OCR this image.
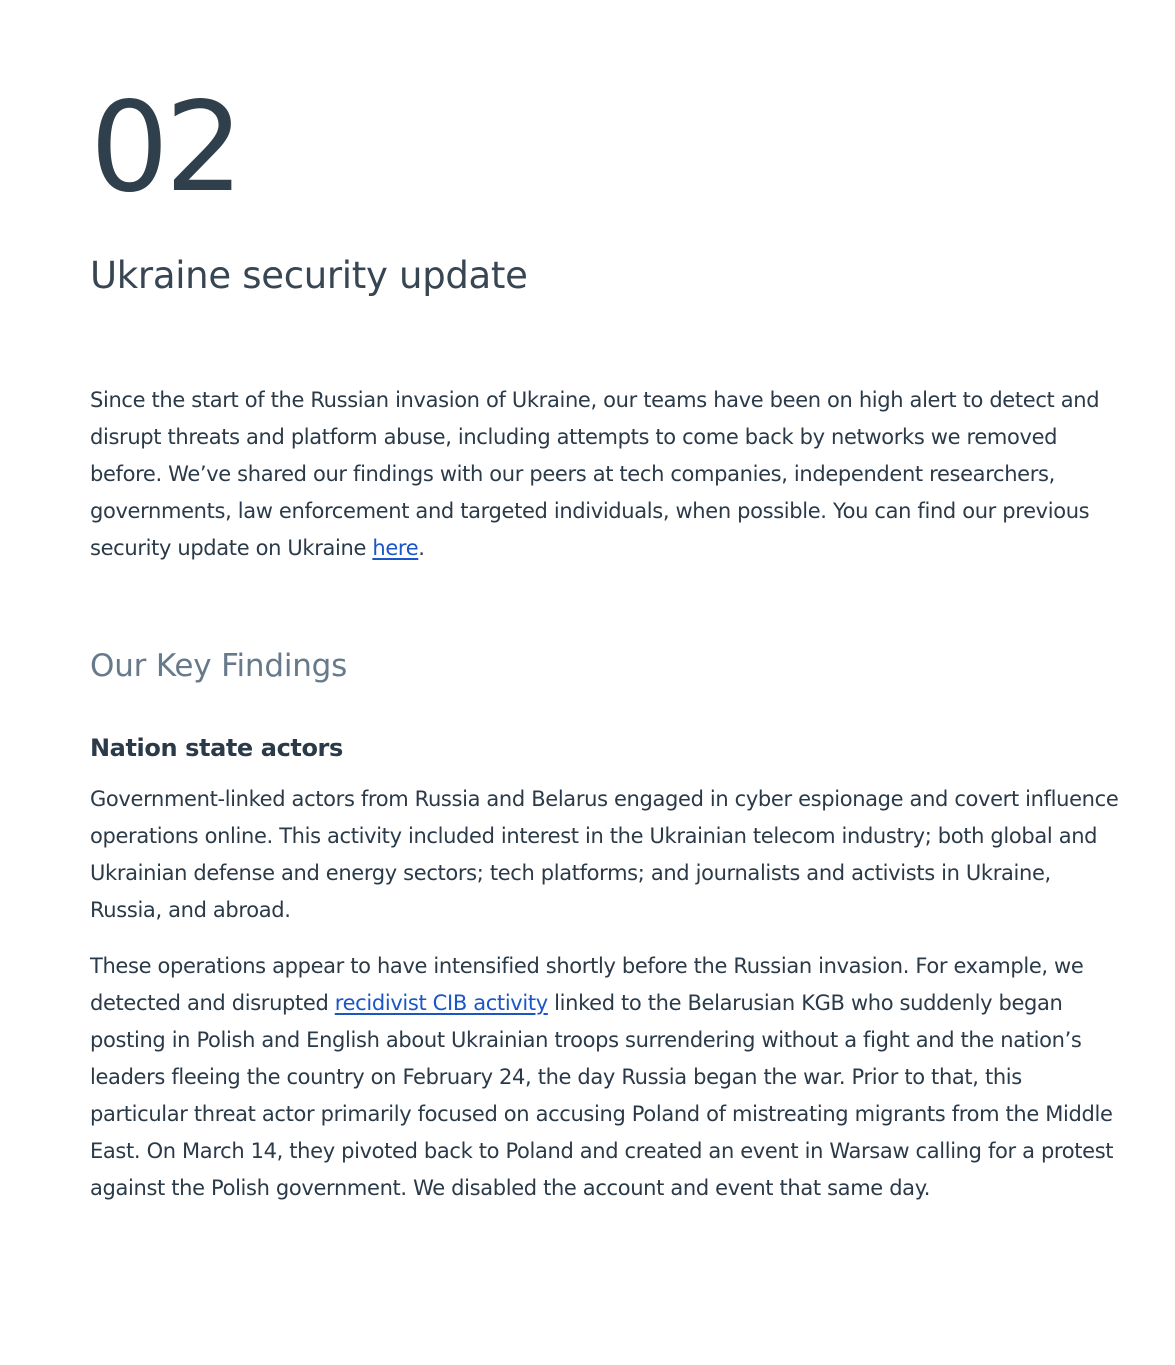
02
Ukraine security update

Since the start of the Russian invasion of Ukraine, our teams have been on high alert to detect and disrupt threats and platform abuse, including attempts to come back by networks we removed before. We’ve shared our findings with our peers at tech companies, independent researchers, governments, law enforcement and targeted individuals, when possible. You can find our previous security update on Ukraine here.

Our Key Findings
Nation state actors

Government-linked actors from Russia and Belarus engaged in cyber espionage and covert influence operations online. This activity included interest in the Ukrainian telecom industry; both global and Ukrainian defense and energy sectors; tech platforms; and journalists and activists in Ukraine, Russia, and abroad.

These operations appear to have intensified shortly before the Russian invasion. For example, we detected and disrupted recidivist CIB activity linked to the Belarusian KGB who suddenly began posting in Polish and English about Ukrainian troops surrendering without a fight and the nation’s leaders fleeing the country on February 24, the day Russia began the war. Prior to that, this particular threat actor primarily focused on accusing Poland of mistreating migrants from the Middle East. On March 14, they pivoted back to Poland and created an event in Warsaw calling for a protest against the Polish government. We disabled the account and event that same day.
